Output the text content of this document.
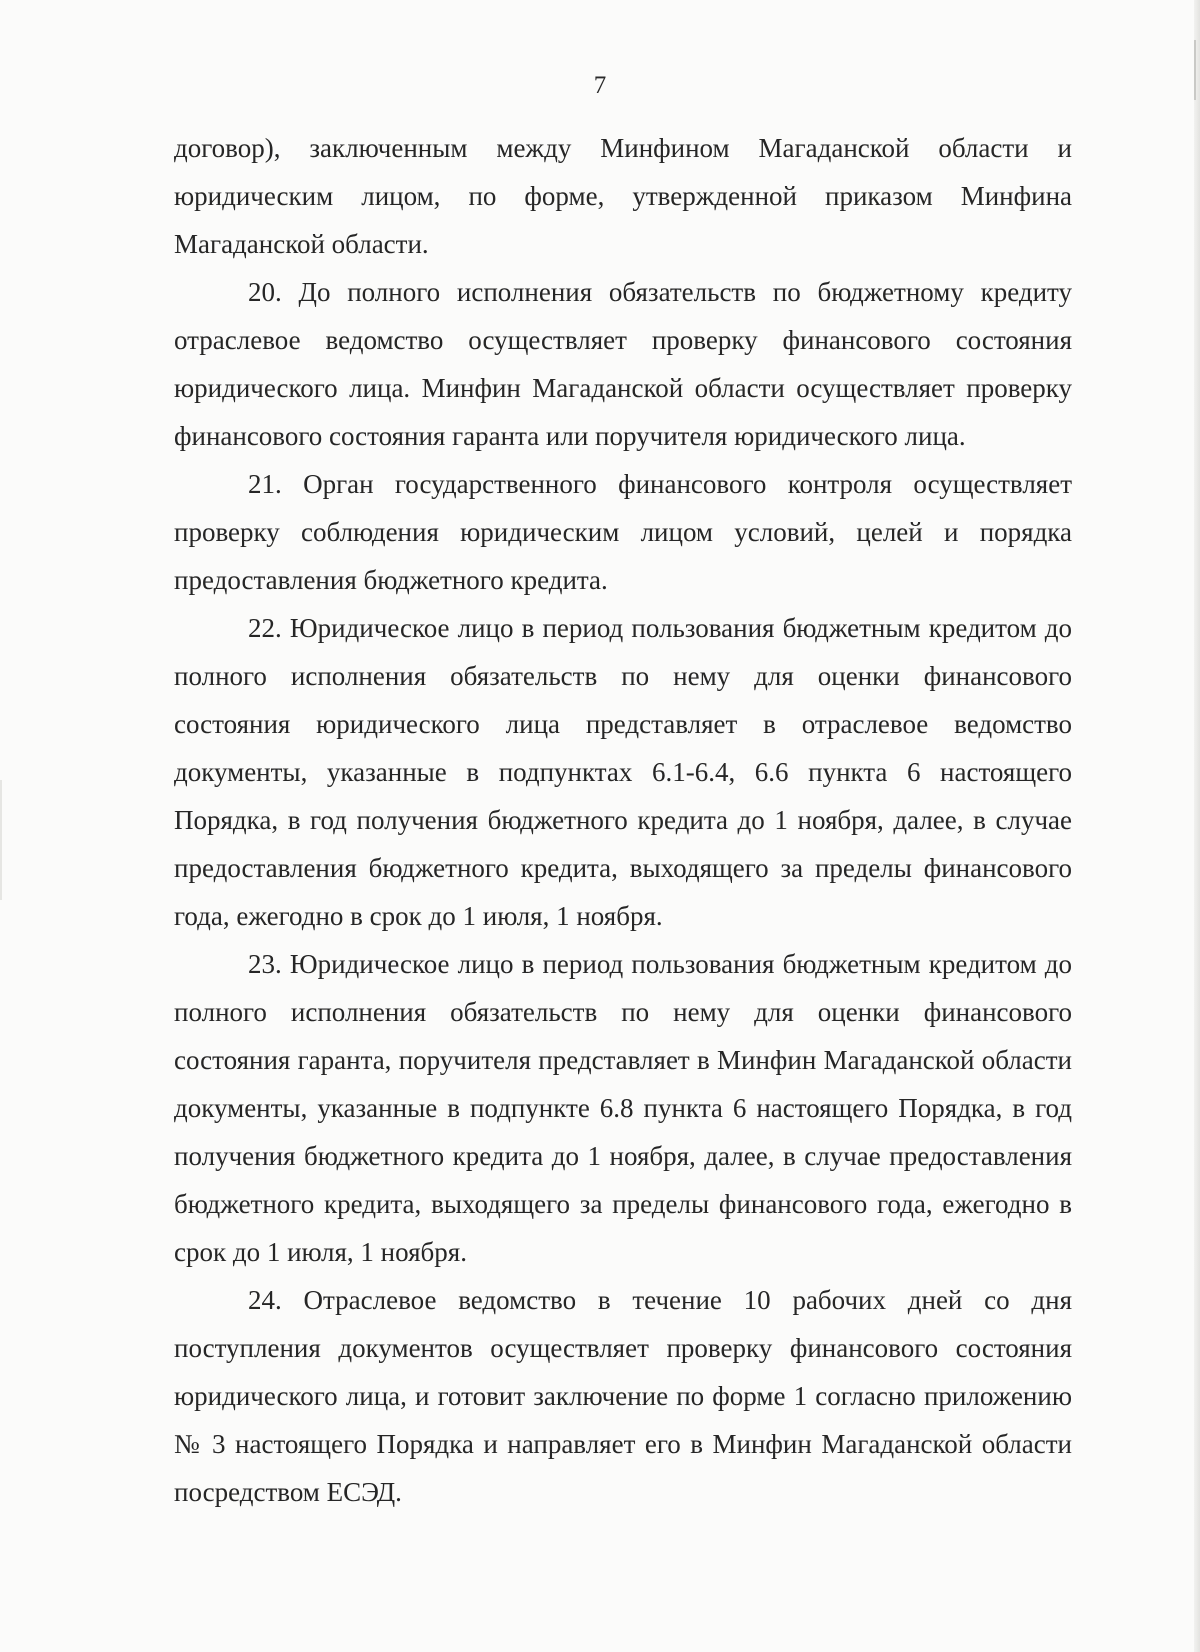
7

договор), заключенным между Минфином Магаданской области и юридическим лицом, по форме, утвержденной приказом Минфина Магаданской области.

20. До полного исполнения обязательств по бюджетному кредиту отраслевое ведомство осуществляет проверку финансового состояния юридического лица. Минфин Магаданской области осуществляет проверку финансового состояния гаранта или поручителя юридического лица.

21. Орган государственного финансового контроля осуществляет проверку соблюдения юридическим лицом условий, целей и порядка предоставления бюджетного кредита.

22. Юридическое лицо в период пользования бюджетным кредитом до полного исполнения обязательств по нему для оценки финансового состояния юридического лица представляет в отраслевое ведомство документы, указанные в подпунктах 6.1-6.4, 6.6 пункта 6 настоящего Порядка, в год получения бюджетного кредита до 1 ноября, далее, в случае предоставления бюджетного кредита, выходящего за пределы финансового года, ежегодно в срок до 1 июля, 1 ноября.

23. Юридическое лицо в период пользования бюджетным кредитом до полного исполнения обязательств по нему для оценки финансового состояния гаранта, поручителя представляет в Минфин Магаданской области документы, указанные в подпункте 6.8 пункта 6 настоящего Порядка, в год получения бюджетного кредита до 1 ноября, далее, в случае предоставления бюджетного кредита, выходящего за пределы финансового года, ежегодно в срок до 1 июля, 1 ноября.

24. Отраслевое ведомство в течение 10 рабочих дней со дня поступления документов осуществляет проверку финансового состояния юридического лица, и готовит заключение по форме 1 согласно приложению № 3 настоящего Порядка и направляет его в Минфин Магаданской области посредством ЕСЭД.
